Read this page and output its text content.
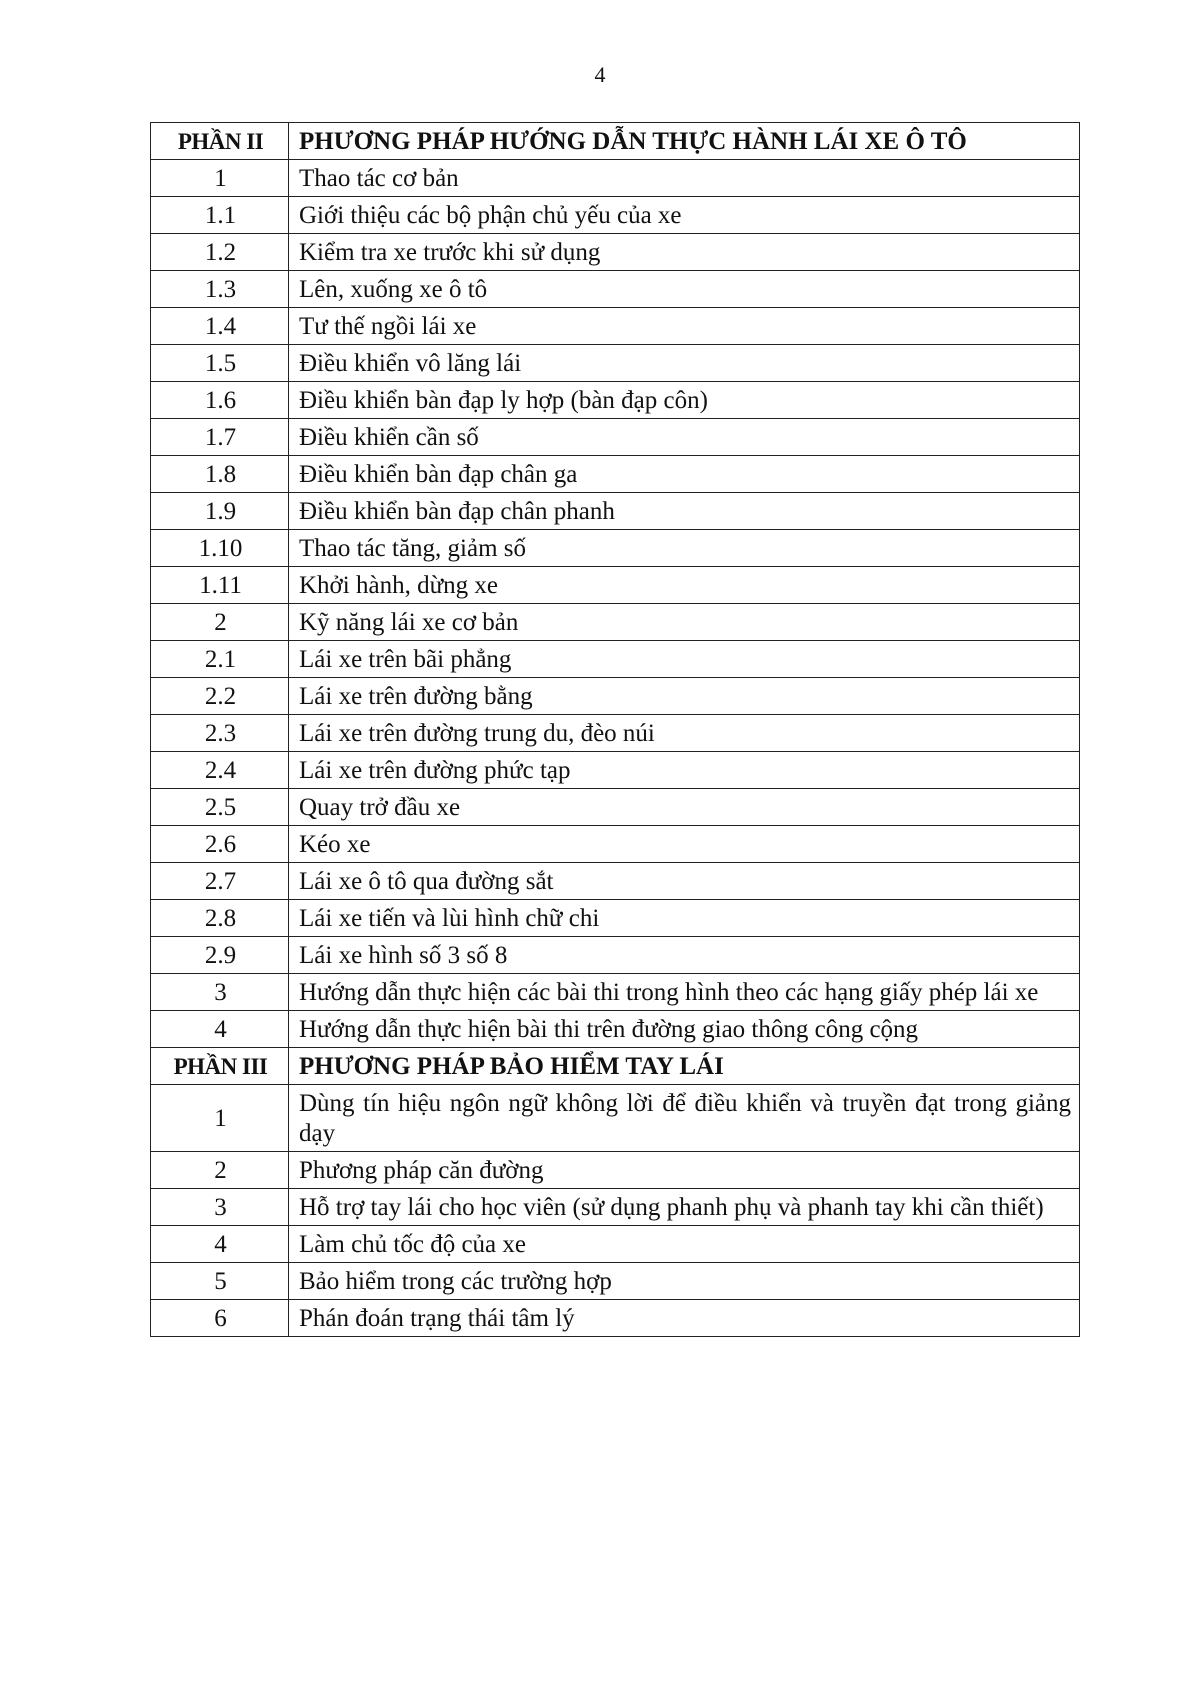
4
PHẦN II	PHƯƠNG PHÁP HƯỚNG DẪN THỰC HÀNH LÁI XE Ô TÔ
1	Thao tác cơ bản
1.1	Giới thiệu các bộ phận chủ yếu của xe
1.2	Kiểm tra xe trước khi sử dụng
1.3	Lên, xuống xe ô tô
1.4	Tư thế ngồi lái xe
1.5	Điều khiển vô lăng lái
1.6	Điều khiển bàn đạp ly hợp (bàn đạp côn)
1.7	Điều khiển cần số
1.8	Điều khiển bàn đạp chân ga
1.9	Điều khiển bàn đạp chân phanh
1.10	Thao tác tăng, giảm số
1.11	Khởi hành, dừng xe
2	Kỹ năng lái xe cơ bản
2.1	Lái xe trên bãi phẳng
2.2	Lái xe trên đường bằng
2.3	Lái xe trên đường trung du, đèo núi
2.4	Lái xe trên đường phức tạp
2.5	Quay trở đầu xe
2.6	Kéo xe
2.7	Lái xe ô tô qua đường sắt
2.8	Lái xe tiến và lùi hình chữ chi
2.9	Lái xe hình số 3 số 8
3	Hướng dẫn thực hiện các bài thi trong hình theo các hạng giấy phép lái xe
4	Hướng dẫn thực hiện bài thi trên đường giao thông công cộng
PHẦN III	PHƯƠNG PHÁP BẢO HIỂM TAY LÁI
1	Dùng tín hiệu ngôn ngữ không lời để điều khiển và truyền đạt trong giảng dạy
2	Phương pháp căn đường
3	Hỗ trợ tay lái cho học viên (sử dụng phanh phụ và phanh tay khi cần thiết)
4	Làm chủ tốc độ của xe
5	Bảo hiểm trong các trường hợp
6	Phán đoán trạng thái tâm lý
